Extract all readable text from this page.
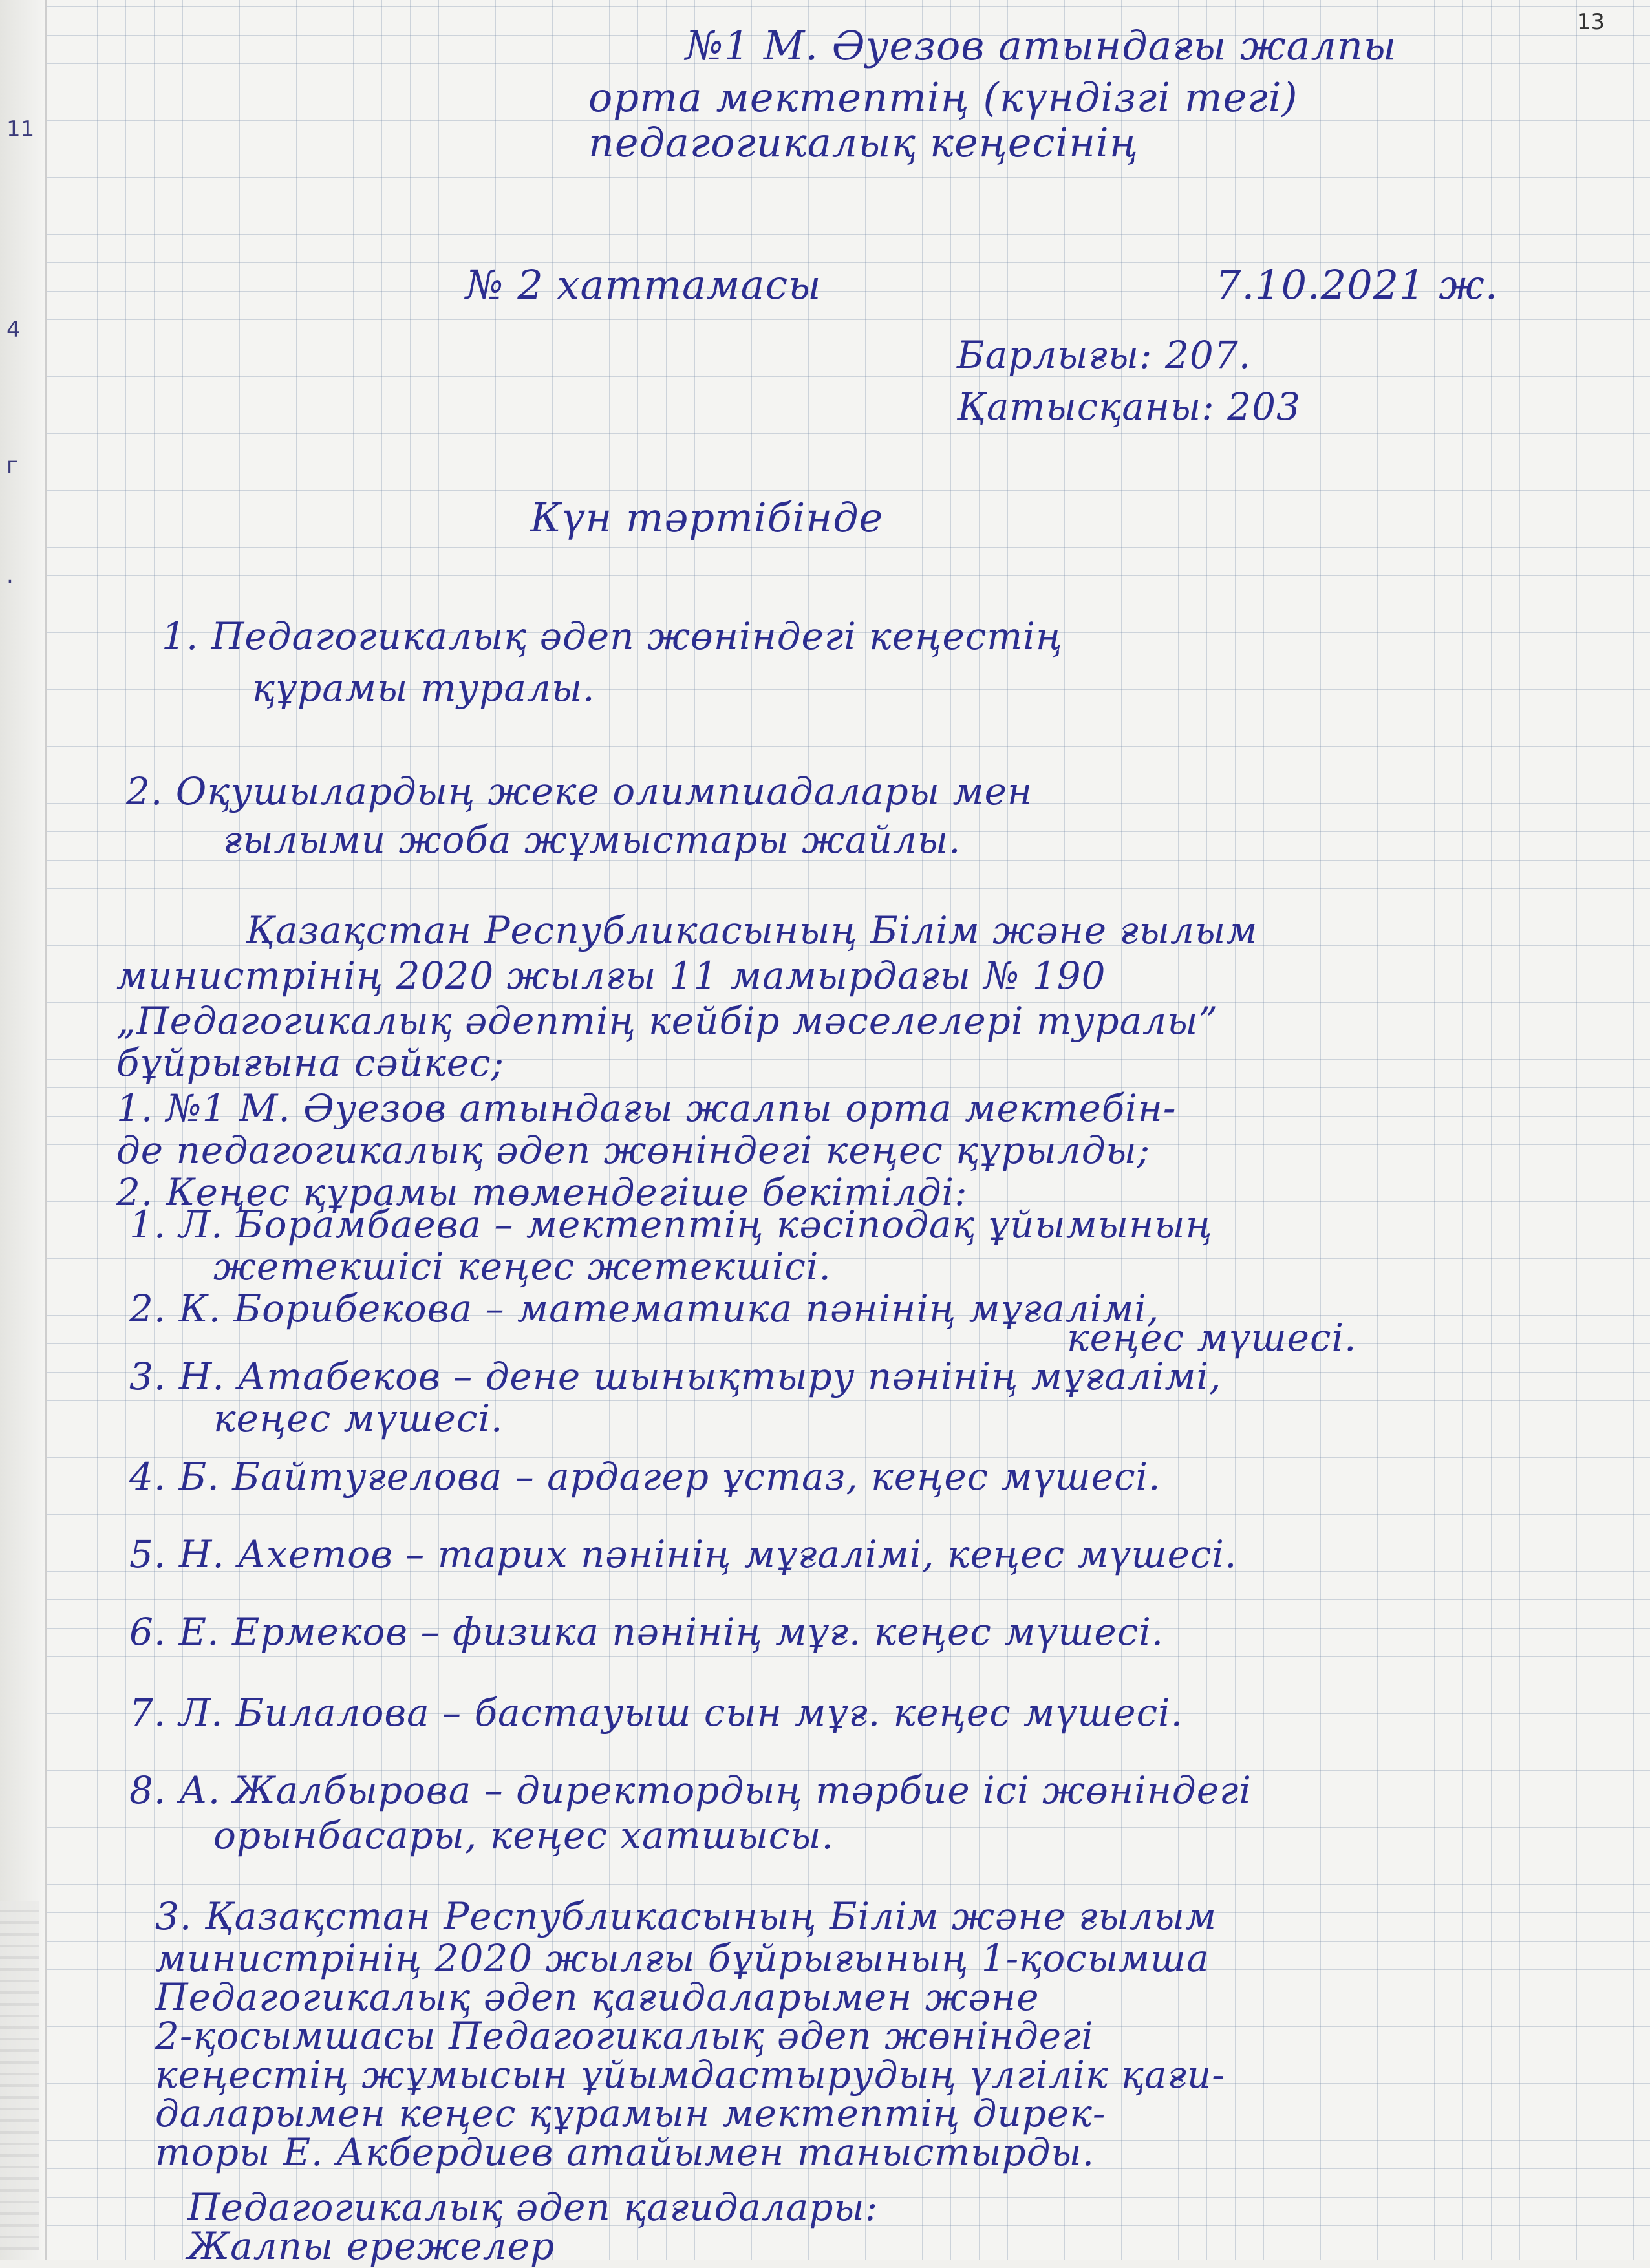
11
4
г
.
13
№1 М. Әуезов атындағы жалпы
орта мектептің (күндізгі тегі)
педагогикалық кеңесінің
№ 2 хаттамасы	7.10.2021 ж.
Барлығы: 207.
Қатысқаны: 203
Күн тәртібінде
1. Педагогикалық әдеп жөніндегі кеңестің
құрамы туралы.
2. Оқушылардың жеке олимпиадалары мен
ғылыми жоба жұмыстары жайлы.
Қазақстан Республикасының Білім және ғылым
министрінің 2020 жылғы 11 мамырдағы № 190
„Педагогикалық әдептің кейбір мәселелері туралы”
бұйрығына сәйкес;
1. №1 М. Әуезов атындағы жалпы орта мектебін-
де педагогикалық әдеп жөніндегі кеңес құрылды;
2. Кеңес құрамы төмендегіше бекітілді:
1. Л. Борамбаева – мектептің кәсіподақ ұйымының
жетекшісі кеңес жетекшісі.
2. К. Борибекова – математика пәнінің мұғалімі,
кеңес мүшесі.
3. Н. Атабеков – дене шынықтыру пәнінің мұғалімі,
кеңес мүшесі.
4. Б. Байтуғелова – ардагер ұстаз, кеңес мүшесі.
5. Н. Ахетов – тарих пәнінің мұғалімі, кеңес мүшесі.
6. Е. Ермеков – физика пәнінің мұғ. кеңес мүшесі.
7. Л. Билалова – бастауыш сын мұғ. кеңес мүшесі.
8. А. Жалбырова – директордың тәрбие ісі жөніндегі
орынбасары, кеңес хатшысы.
3. Қазақстан Республикасының Білім және ғылым
министрінің 2020 жылғы бұйрығының 1-қосымша
Педагогикалық әдеп қағидаларымен және
2-қосымшасы Педагогикалық әдеп жөніндегі
кеңестің жұмысын ұйымдастырудың үлгілік қағи-
даларымен кеңес құрамын мектептің дирек-
торы Е. Акбердиев атайымен таныстырды.
Педагогикалық әдеп қағидалары:
Жалпы ережелер
